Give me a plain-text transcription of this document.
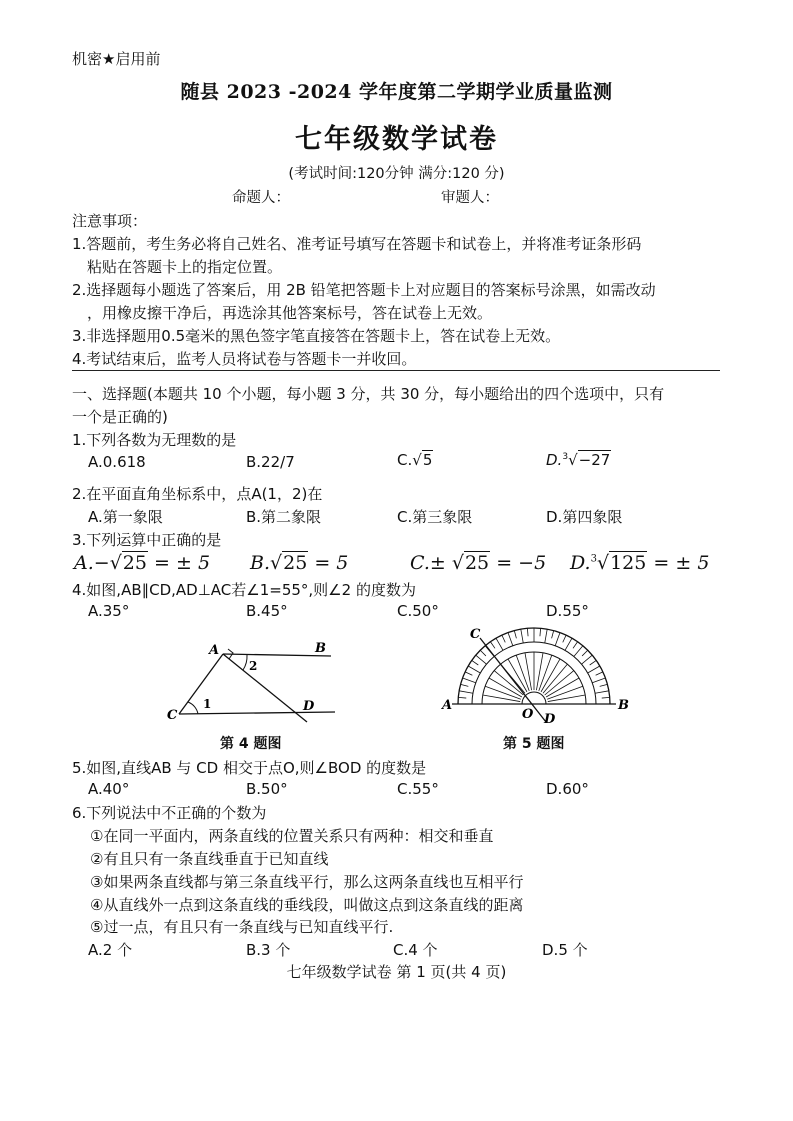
机密★启用前
随县 2023 -2024 学年度第二学期学业质量监测
七年级数学试卷
(考试时间:120分钟 满分:120 分)
命题人：	审题人：
注意事项：
1.答题前，考生务必将自己姓名、准考证号填写在答题卡和试卷上，并将准考证条形码
粘贴在答题卡上的指定位置。
2.选择题每小题选了答案后，用 2B 铅笔把答题卡上对应题目的答案标号涂黑，如需改动
，用橡皮擦干净后，再选涂其他答案标号，答在试卷上无效。
3.非选择题用0.5毫米的黑色签字笔直接答在答题卡上，答在试卷上无效。
4.考试结束后，监考人员将试卷与答题卡一并收回。
一、选择题(本题共 10 个小题，每小题 3 分，共 30 分，每小题给出的四个选项中，只有
一个是正确的)
1.下列各数为无理数的是
A.0.618	B.22/7	C.√5	D.$^3$√−27
2.在平面直角坐标系中，点A(1，2)在
A.第一象限	B.第二象限	C.第三象限	D.第四象限
3.下列运算中正确的是
A.−√25 = ± 5 B.√25 = 5	C.± √25 = −5 D.$^3$√125 = ± 5
4.如图,AB∥CD,AD⊥AC若∠1=55°,则∠2 的度数为
A.35°	B.45°	C.50°	D.55°
A	B
C
D
1
2
第 4 题图
A	B
C
D
O
第 5 题图
5.如图,直线AB 与 CD 相交于点O,则∠BOD 的度数是
A.40°	B.50°	C.55°	D.60°
6.下列说法中不正确的个数为
①在同一平面内，两条直线的位置关系只有两种：相交和垂直
②有且只有一条直线垂直于已知直线
③如果两条直线都与第三条直线平行，那么这两条直线也互相平行
④从直线外一点到这条直线的垂线段，叫做这点到这条直线的距离
⑤过一点，有且只有一条直线与已知直线平行.
A.2 个	B.3 个	C.4 个	D.5 个
七年级数学试卷 第 1 页(共 4 页)
